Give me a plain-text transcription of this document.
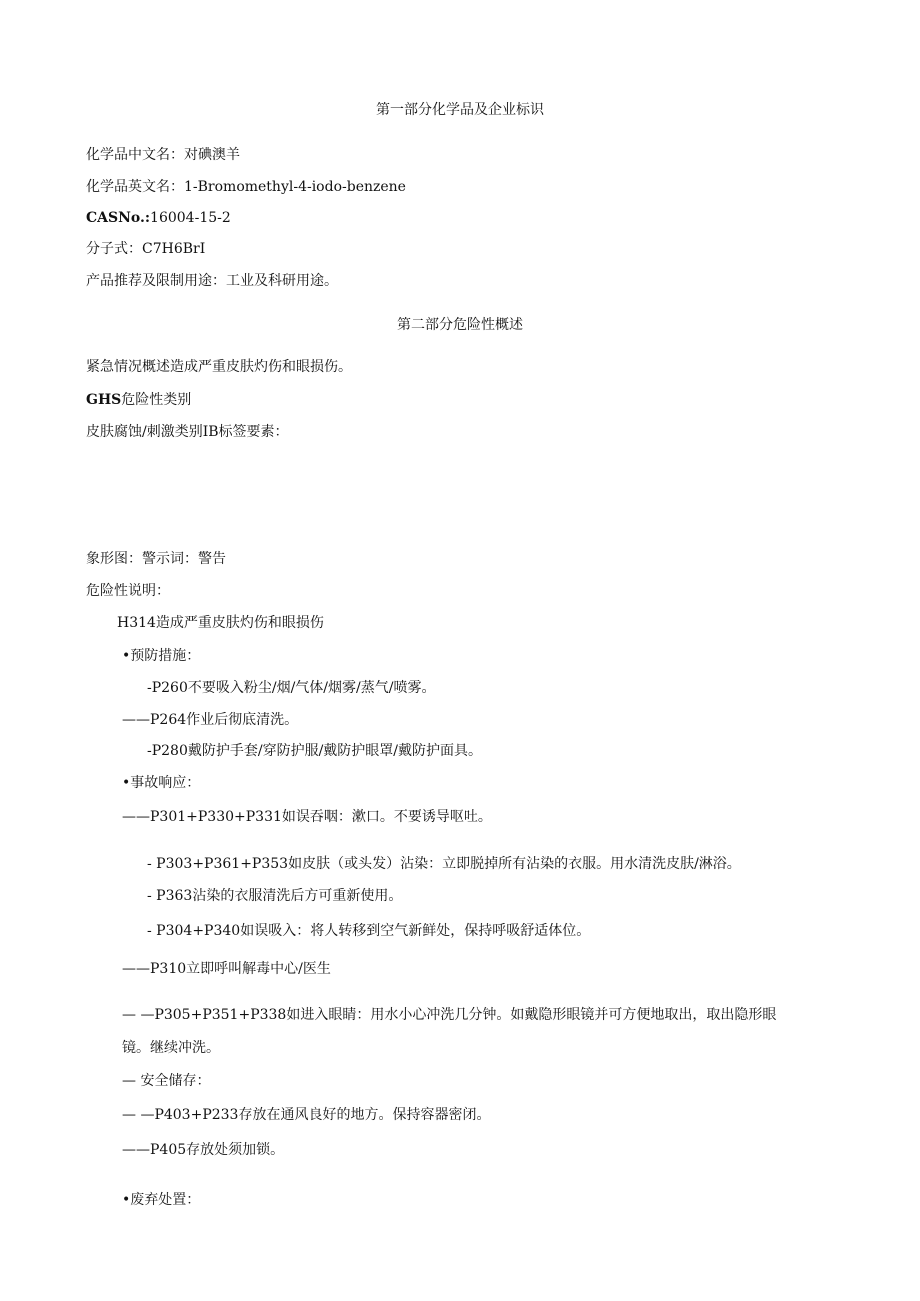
第一部分化学品及企业标识
化学品中文名：对碘澳羊
化学品英文名：1-Bromomethyl-4-iodo-benzene
CASNo.:16004-15-2
分子式：C7H6BrI
产品推荐及限制用途：工业及科研用途。
第二部分危险性概述
紧急情况概述造成严重皮肤灼伤和眼损伤。
GHS危险性类别
皮肤腐蚀/刺激类别IB标签要素：
象形图：警示词：警告
危险性说明：
H314造成严重皮肤灼伤和眼损伤
•预防措施：
-P260不要吸入粉尘/烟/气体/烟雾/蒸气/喷雾。
——P264作业后彻底清洗。
-P280戴防护手套/穿防护服/戴防护眼罩/戴防护面具。
•事故响应：
——P301+P330+P331如误吞咽：漱口。不要诱导呕吐。
- P303+P361+P353如皮肤（或头发）沾染：立即脱掉所有沾染的衣服。用水清洗皮肤/淋浴。
- P363沾染的衣服清洗后方可重新使用。
- P304+P340如误吸入：将人转移到空气新鲜处，保持呼吸舒适体位。
——P310立即呼叫解毒中心/医生
— —P305+P351+P338如进入眼睛：用水小心冲洗几分钟。如戴隐形眼镜并可方便地取出，取出隐形眼
镜。继续冲洗。
— 安全储存：
— —P403+P233存放在通风良好的地方。保持容器密闭。
——P405存放处须加锁。
•废弃处置：
